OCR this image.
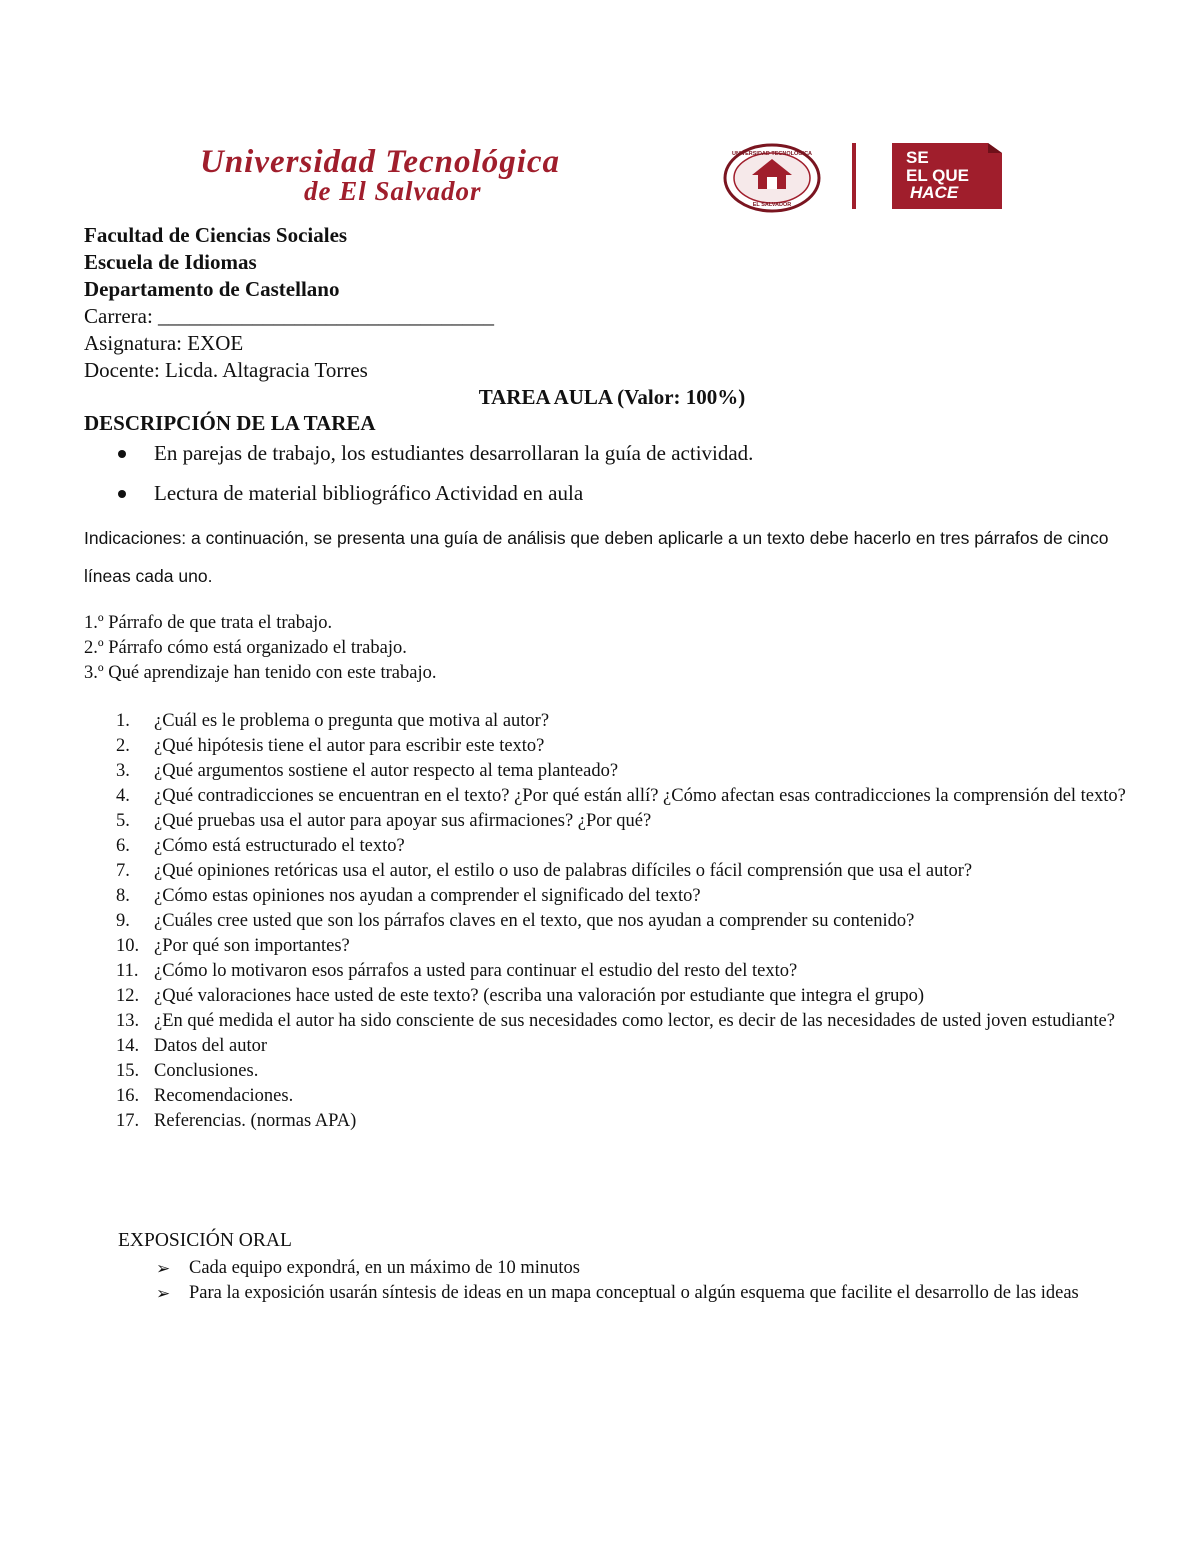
Universidad Tecnológica
de El Salvador
UNIVERSIDAD TECNOLOGICA
EL SALVADOR
SE
EL QUE
HACE
Facultad de Ciencias Sociales
Escuela de Idiomas
Departamento de Castellano
Carrera: ________________________________
Asignatura: EXOE
Docente: Licda. Altagracia Torres
TAREA AULA (Valor: 100%)
DESCRIPCIÓN DE LA TAREA
En parejas de trabajo, los estudiantes desarrollaran la guía de actividad.
Lectura de material bibliográfico Actividad en aula
Indicaciones: a continuación, se presenta una guía de análisis que deben aplicarle a un texto debe hacerlo en tres párrafos de cinco líneas cada uno.
1.º Párrafo de que trata el trabajo.
2.º Párrafo cómo está organizado el trabajo.
3.º Qué aprendizaje han tenido con este trabajo.
1. ¿Cuál es le problema o pregunta que motiva al autor?
2. ¿Qué hipótesis tiene el autor para escribir este texto?
3. ¿Qué argumentos sostiene el autor respecto al tema planteado?
4. ¿Qué contradicciones se encuentran en el texto? ¿Por qué están allí? ¿Cómo afectan esas contradicciones la comprensión del texto?
5. ¿Qué pruebas usa el autor para apoyar sus afirmaciones? ¿Por qué?
6. ¿Cómo está estructurado el texto?
7. ¿Qué opiniones retóricas usa el autor, el estilo o uso de palabras difíciles o fácil comprensión que usa el autor?
8. ¿Cómo estas opiniones nos ayudan a comprender el significado del texto?
9. ¿Cuáles cree usted que son los párrafos claves en el texto, que nos ayudan a comprender su contenido?
10. ¿Por qué son importantes?
11. ¿Cómo lo motivaron esos párrafos a usted para continuar el estudio del resto del texto?
12. ¿Qué valoraciones hace usted de este texto? (escriba una valoración por estudiante que integra el grupo)
13. ¿En qué medida el autor ha sido consciente de sus necesidades como lector, es decir de las necesidades de usted joven estudiante?
14. Datos del autor
15. Conclusiones.
16. Recomendaciones.
17. Referencias. (normas APA)
EXPOSICIÓN ORAL
➢ Cada equipo expondrá, en un máximo de 10 minutos
➢ Para la exposición usarán síntesis de ideas en un mapa conceptual o algún esquema que facilite el desarrollo de las ideas
